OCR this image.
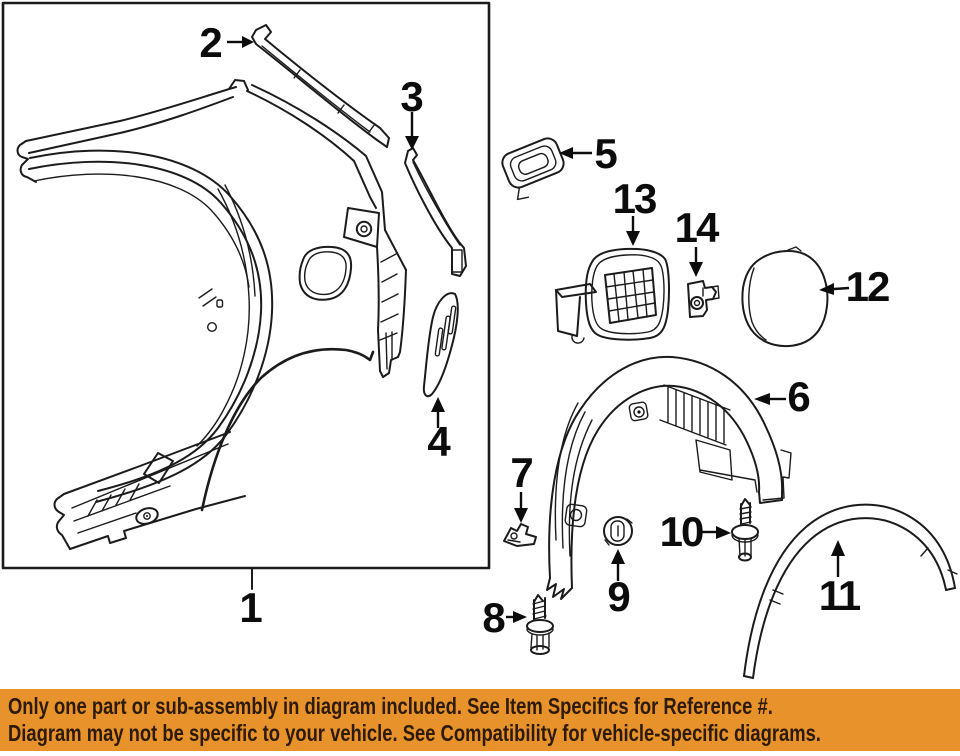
1
2
3
4
5
6
7
8 9
10
11
12
13
14
Only one part or sub-assembly in diagram included. See Item Specifics for Reference #.
Diagram may not be specific to your vehicle. See Compatibility for vehicle-specific diagrams.
